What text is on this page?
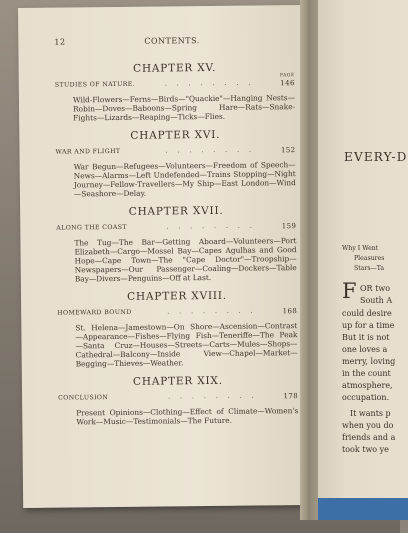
12	CONTENTS.
CHAPTER XV.
PAGE
STUDIES OF NATURE.	. . . . . . . .	146
Wild-Flowers—Ferns—Birds—"Quackie"—Hanging Nests—Robin—Doves—Baboons—Spring Hare—Rats—Snake-Fights—Lizards—Reaping—Ticks—Flies.
CHAPTER XVI.
WAR AND FLIGHT	. . . . . . . .	152
War Begun—Refugees—Volunteers—Freedom of Speech—News—Alarms—Left Undefended—Trains Stopping—Night Journey—Fellow-Travellers—My Ship—East London—Wind—Seashore—Delay.
CHAPTER XVII.
ALONG THE COAST	. . . . . . . .	159
The Tug—The Bar—Getting Aboard—Volunteers—Port Elizabeth—Cargo—Mossel Bay—Capes Agulhas and Good Hope—Cape Town—The "Cape Doctor"—Troopship—Newspapers—Our Passenger—Coaling—Dockers—Table Bay—Divers—Penguins—Off at Last.
CHAPTER XVIII.
HOMEWARD BOUND	. . . . . . . .	168
St. Helena—Jamestown—On Shore—Ascension—Contrast—Appearance—Fishes—Flying Fish—Teneriffe—The Peak—Santa Cruz—Houses—Streets—Carts—Mules—Shops—Cathedral—Balcony—Inside View—Chapel—Market—Begging—Thieves—Weather.
CHAPTER XIX.
CONCLUSION	. . . . . . . .	178
Present Opinions—Clothing—Effect of Climate—Women's Work—Music—Testimonials—The Future.
EVERY-D
Why I Went
Pleasures
Stars—Ta
F OR two
South A
could desire
up for a time
But it is not
one loves a
merry, loving
in the count
atmosphere,
occupation.
It wants p
when you do
friends and a
took two ye
